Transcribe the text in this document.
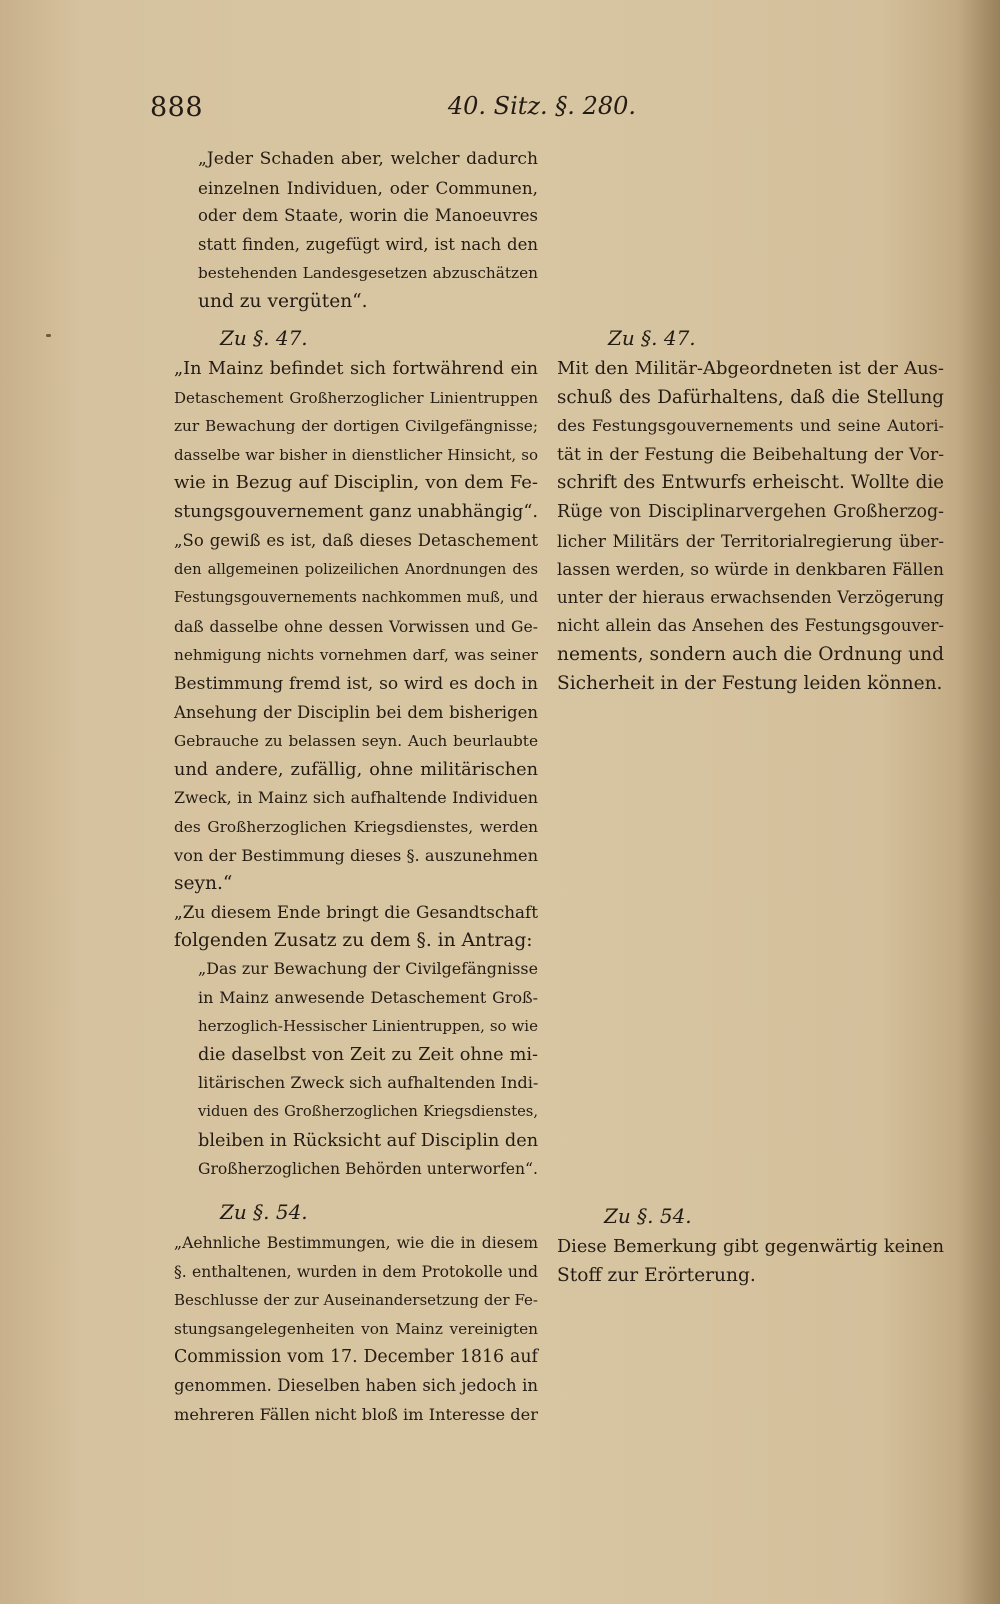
888	40. Sitz. §. 280.
„Jeder Schaden aber, welcher dadurch
einzelnen Individuen, oder Communen,
oder dem Staate, worin die Manoeuvres
statt finden, zugefügt wird, ist nach den
bestehenden Landesgesetzen abzuschätzen
und zu vergüten“.
Zu §. 47.
„In Mainz befindet sich fortwährend ein
Detaschement Großherzoglicher Linientruppen
zur Bewachung der dortigen Civilgefängnisse;
dasselbe war bisher in dienstlicher Hinsicht, so
wie in Bezug auf Disciplin, von dem Fe-
stungsgouvernement ganz unabhängig“.
„So gewiß es ist, daß dieses Detaschement
den allgemeinen polizeilichen Anordnungen des
Festungsgouvernements nachkommen muß, und
daß dasselbe ohne dessen Vorwissen und Ge-
nehmigung nichts vornehmen darf, was seiner
Bestimmung fremd ist, so wird es doch in
Ansehung der Disciplin bei dem bisherigen
Gebrauche zu belassen seyn. Auch beurlaubte
und andere, zufällig, ohne militärischen
Zweck, in Mainz sich aufhaltende Individuen
des Großherzoglichen Kriegsdienstes, werden
von der Bestimmung dieses §. auszunehmen
seyn.“
„Zu diesem Ende bringt die Gesandtschaft
folgenden Zusatz zu dem §. in Antrag:
„Das zur Bewachung der Civilgefängnisse
in Mainz anwesende Detaschement Groß-
herzoglich-Hessischer Linientruppen, so wie
die daselbst von Zeit zu Zeit ohne mi-
litärischen Zweck sich aufhaltenden Indi-
viduen des Großherzoglichen Kriegsdienstes,
bleiben in Rücksicht auf Disciplin den
Großherzoglichen Behörden unterworfen“.
Zu §. 54.
„Aehnliche Bestimmungen, wie die in diesem
§. enthaltenen, wurden in dem Protokolle und
Beschlusse der zur Auseinandersetzung der Fe-
stungsangelegenheiten von Mainz vereinigten
Commission vom 17. December 1816 auf
genommen. Dieselben haben sich jedoch in
mehreren Fällen nicht bloß im Interesse der
Zu §. 47.
Mit den Militär-Abgeordneten ist der Aus-
schuß des Dafürhaltens, daß die Stellung
des Festungsgouvernements und seine Autori-
tät in der Festung die Beibehaltung der Vor-
schrift des Entwurfs erheischt. Wollte die
Rüge von Disciplinarvergehen Großherzog-
licher Militärs der Territorialregierung über-
lassen werden, so würde in denkbaren Fällen
unter der hieraus erwachsenden Verzögerung
nicht allein das Ansehen des Festungsgouver-
nements, sondern auch die Ordnung und
Sicherheit in der Festung leiden können.
Zu §. 54.
Diese Bemerkung gibt gegenwärtig keinen
Stoff zur Erörterung.
